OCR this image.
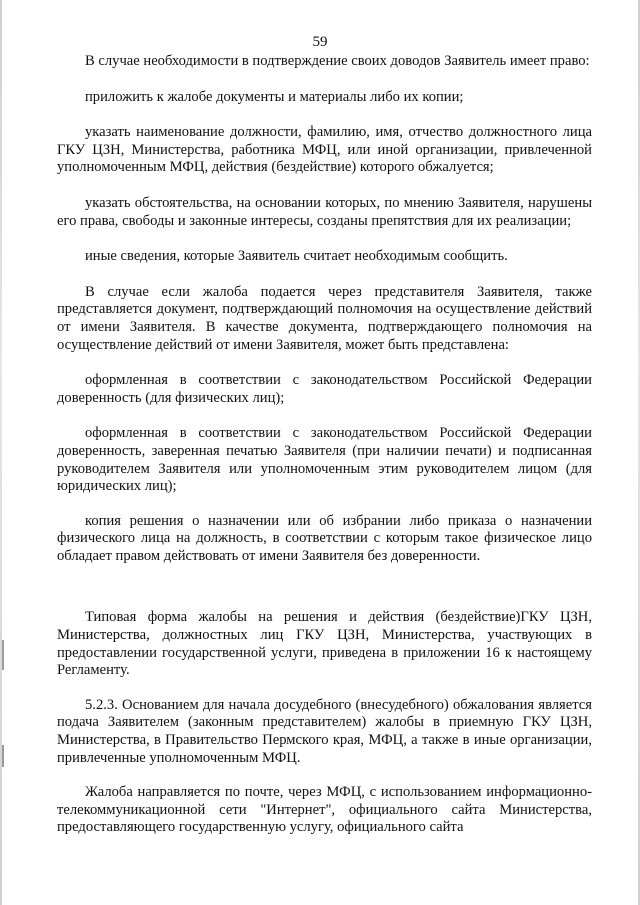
59

В случае необходимости в подтверждение своих доводов Заявитель имеет право:

приложить к жалобе документы и материалы либо их копии;

указать наименование должности, фамилию, имя, отчество должностного лица ГКУ ЦЗН, Министерства, работника МФЦ, или иной организации, привлеченной уполномоченным МФЦ, действия (бездействие) которого обжалуется;

указать обстоятельства, на основании которых, по мнению Заявителя, нарушены его права, свободы и законные интересы, созданы препятствия для их реализации;

иные сведения, которые Заявитель считает необходимым сообщить.

В случае если жалоба подается через представителя Заявителя, также представляется документ, подтверждающий полномочия на осуществление действий от имени Заявителя. В качестве документа, подтверждающего полномочия на осуществление действий от имени Заявителя, может быть представлена:

оформленная в соответствии с законодательством Российской Федерации доверенность (для физических лиц);

оформленная в соответствии с законодательством Российской Федерации доверенность, заверенная печатью Заявителя (при наличии печати) и подписанная руководителем Заявителя или уполномоченным этим руководителем лицом (для юридических лиц);

копия решения о назначении или об избрании либо приказа о назначении физического лица на должность, в соответствии с которым такое физическое лицо обладает правом действовать от имени Заявителя без доверенности.

Типовая форма жалобы на решения и действия (бездействие)ГКУ ЦЗН, Министерства, должностных лиц ГКУ ЦЗН, Министерства, участвующих в предоставлении государственной услуги, приведена в приложении 16 к настоящему Регламенту.

5.2.3. Основанием для начала досудебного (внесудебного) обжалования является подача Заявителем (законным представителем) жалобы в приемную ГКУ ЦЗН, Министерства, в Правительство Пермского края, МФЦ, а также в иные организации, привлеченные уполномоченным МФЦ.

Жалоба направляется по почте, через МФЦ, с использованием информационно-телекоммуникационной сети "Интернет", официального сайта Министерства, предоставляющего государственную услугу, официального сайта
